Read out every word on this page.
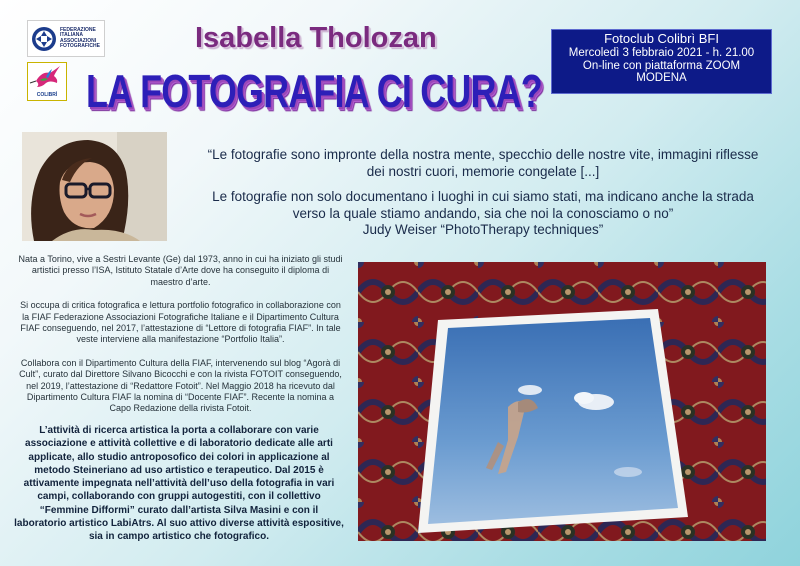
FEDERAZIONE
ITALIANA
ASSOCIAZIONI
FOTOGRAFICHE
COLIBRÌ
Isabella Tholozan
LA FOTOGRAFIA CI CURA?
Fotoclub Colibrì BFI
Mercoledì 3 febbraio 2021 - h. 21.00
On-line con piattaforma ZOOM
MODENA

“Le fotografie sono impronte della nostra mente, specchio delle nostre vite, immagini riflesse dei nostri cuori, memorie congelate [...]

Le fotografie non solo documentano i luoghi in cui siamo stati, ma indicano anche la strada verso la quale stiamo andando, sia che noi la conosciamo o no”

Judy Weiser “PhotoTherapy techniques”

Nata a Torino, vive a Sestri Levante (Ge) dal 1973, anno in cui ha iniziato gli studi artistici presso l’ISA, Istituto Statale d’Arte dove ha conseguito il diploma di maestro d’arte.

Si occupa di critica fotografica e lettura portfolio fotografico in collaborazione con la FIAF Federazione Associazioni Fotografiche Italiane e il Dipartimento Cultura FIAF conseguendo, nel 2017, l’attestazione di “Lettore di fotografia FIAF”. In tale veste interviene alla manifestazione “Portfolio Italia”.

Collabora con il Dipartimento Cultura della FIAF, intervenendo sul blog “Agorà di Cult”, curato dal Direttore Silvano Bicocchi e con la rivista FOTOIT conseguendo, nel 2019, l’attestazione di “Redattore Fotoit”. Nel Maggio 2018 ha ricevuto dal Dipartimento Cultura FIAF la nomina di “Docente FIAF”. Recente la nomina a Capo Redazione della rivista Fotoit.

L’attività di ricerca artistica la porta a collaborare con varie associazione e attività collettive e di laboratorio dedicate alle arti applicate, allo studio antroposofico dei colori in applicazione al metodo Steineriano ad uso artistico e terapeutico. Dal 2015 è attivamente impegnata nell’attività dell’uso della fotografia in vari campi, collaborando con gruppi autogestiti, con il collettivo “Femmine Difformi” curato dall’artista Silva Masini e con il laboratorio artistico LabiAtrs. Al suo attivo diverse attività espositive, sia in campo artistico che fotografico.
